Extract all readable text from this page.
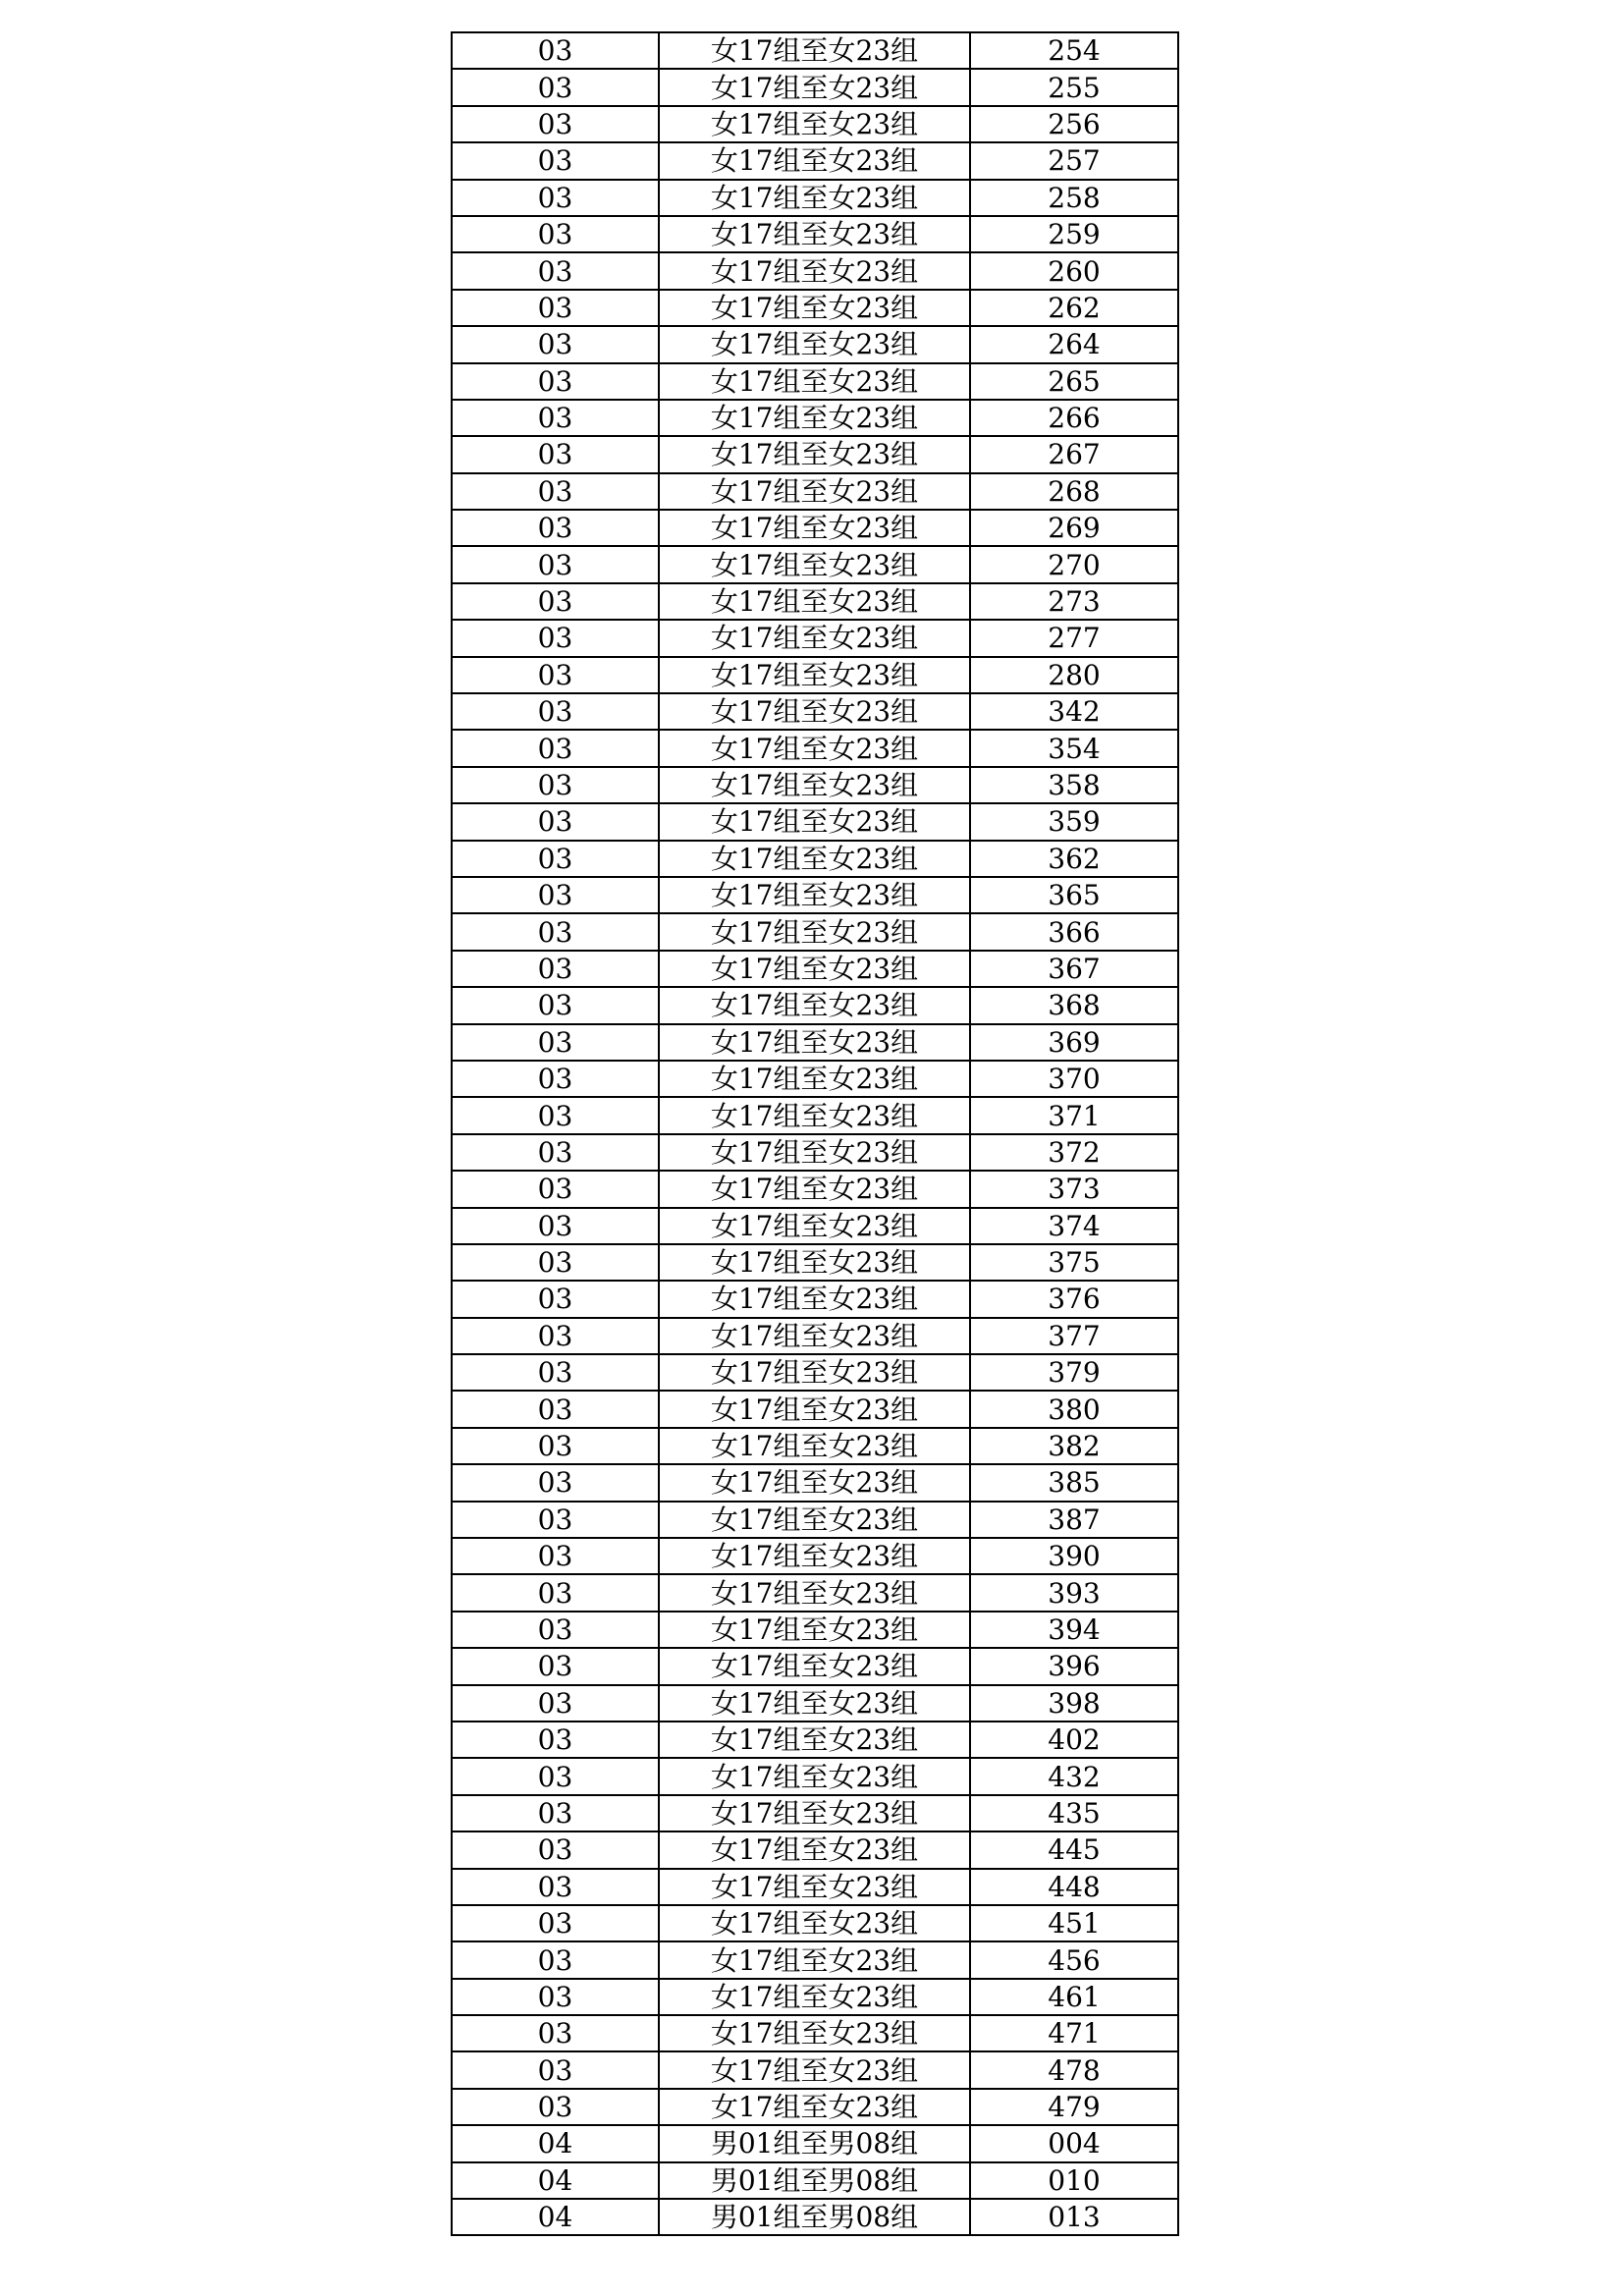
03	女17组至女23组	254
03	女17组至女23组	255
03	女17组至女23组	256
03	女17组至女23组	257
03	女17组至女23组	258
03	女17组至女23组	259
03	女17组至女23组	260
03	女17组至女23组	262
03	女17组至女23组	264
03	女17组至女23组	265
03	女17组至女23组	266
03	女17组至女23组	267
03	女17组至女23组	268
03	女17组至女23组	269
03	女17组至女23组	270
03	女17组至女23组	273
03	女17组至女23组	277
03	女17组至女23组	280
03	女17组至女23组	342
03	女17组至女23组	354
03	女17组至女23组	358
03	女17组至女23组	359
03	女17组至女23组	362
03	女17组至女23组	365
03	女17组至女23组	366
03	女17组至女23组	367
03	女17组至女23组	368
03	女17组至女23组	369
03	女17组至女23组	370
03	女17组至女23组	371
03	女17组至女23组	372
03	女17组至女23组	373
03	女17组至女23组	374
03	女17组至女23组	375
03	女17组至女23组	376
03	女17组至女23组	377
03	女17组至女23组	379
03	女17组至女23组	380
03	女17组至女23组	382
03	女17组至女23组	385
03	女17组至女23组	387
03	女17组至女23组	390
03	女17组至女23组	393
03	女17组至女23组	394
03	女17组至女23组	396
03	女17组至女23组	398
03	女17组至女23组	402
03	女17组至女23组	432
03	女17组至女23组	435
03	女17组至女23组	445
03	女17组至女23组	448
03	女17组至女23组	451
03	女17组至女23组	456
03	女17组至女23组	461
03	女17组至女23组	471
03	女17组至女23组	478
03	女17组至女23组	479
04	男01组至男08组	004
04	男01组至男08组	010
04	男01组至男08组	013
